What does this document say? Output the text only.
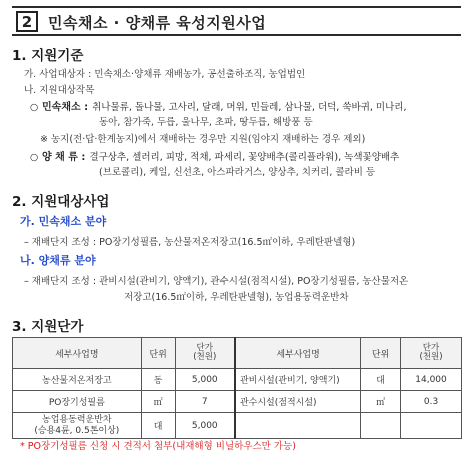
2	민속채소 · 양채류 육성지원사업
1. 지원기준
가. 사업대상자 : 민속채소·양채류 재배농가, 공선출하조직, 농업법인
나. 지원대상작목
○ 민속채소 : 취나물류, 돌나물, 고사리, 달래, 머위, 민들레, 삼나물, 더덕, 쑥바귀, 미나리,
동아, 참가죽, 두릅, 울나무, 초파, 땅두릅, 해방풍 등
※ 농지(전·답·한계농지)에서 재배하는 경우만 지원(임야지 재배하는 경우 제외)
○ 양 채 류 : 결구상추, 셀러리, 피망, 적채, 파세리, 꽃양배추(콜리플라워), 녹색꽃양배추
(브로콜리), 케일, 신선초, 아스파라거스, 양상추, 치커리, 콜라비 등
2. 지원대상사업
가. 민속채소 분야
– 재배단지 조성 : PO장기성필름, 농산물저온저장고(16.5㎡이하, 우레탄판넬형)
나. 양채류 분야
– 재배단지 조성 : 관비시설(관비기, 양액기), 관수시설(점적시설), PO장기성필름, 농산물저온
저장고(16.5㎡이하, 우레탄판넬형), 농업용동력운반차
3. 지원단가
세부사업명	단위	단가
(천원)	세부사업명	단위	단가
(천원)

농산물저온저장고	동	5,000	관비시설(관비기, 양액기)	대	14,000
PO장기성필름	㎡	7	관수시설(점적시설)	㎡	0.3

농업용동력운반차
(승용4륜, 0.5톤이상)	대	5,000			
* PO장기성필름 신청 시 견적서 첨부(내재해형 비닐하우스만 가능)
